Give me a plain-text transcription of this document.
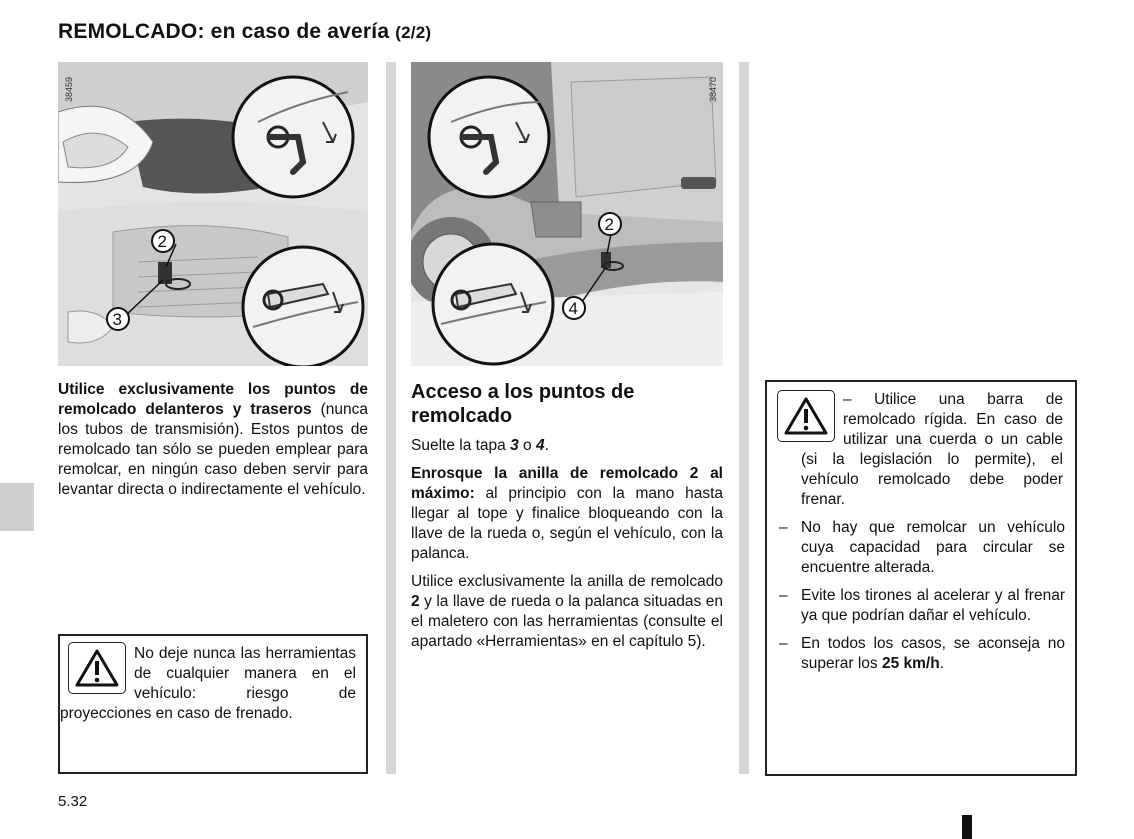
REMOLCADO: en caso de avería (2/2)
38459
2
3
38470
2
4

Utilice exclusivamente los puntos de remolcado delanteros y traseros (nunca los tubos de transmisión). Estos puntos de remolcado tan sólo se pueden emplear para remolcar, en ningún caso deben servir para levantar directa o indirectamente el vehículo.

No deje nunca las herramientas de cualquier manera en el vehículo: riesgo de proyecciones en caso de frenado.
Acceso a los puntos de remolcado

Suelte la tapa 3 o 4.

Enrosque la anilla de remolcado 2 al máximo: al principio con la mano hasta llegar al tope y finalice bloqueando con la llave de la rueda o, según el vehículo, con la palanca.

Utilice exclusivamente la anilla de remolcado 2 y la llave de rueda o la palanca situadas en el maletero con las herramientas (consulte el apartado «Herramientas» en el capítulo 5).

– Utilice una barra de remolcado rígida. En caso de utilizar una cuerda o un cable (si la legislación lo permite), el vehículo remolcado debe poder frenar.
– No hay que remolcar un vehículo cuya capacidad para circular se encuentre alterada.
– Evite los tirones al acelerar y al frenar ya que podrían dañar el vehículo.
– En todos los casos, se aconseja no superar los 25 km/h.
5.32
